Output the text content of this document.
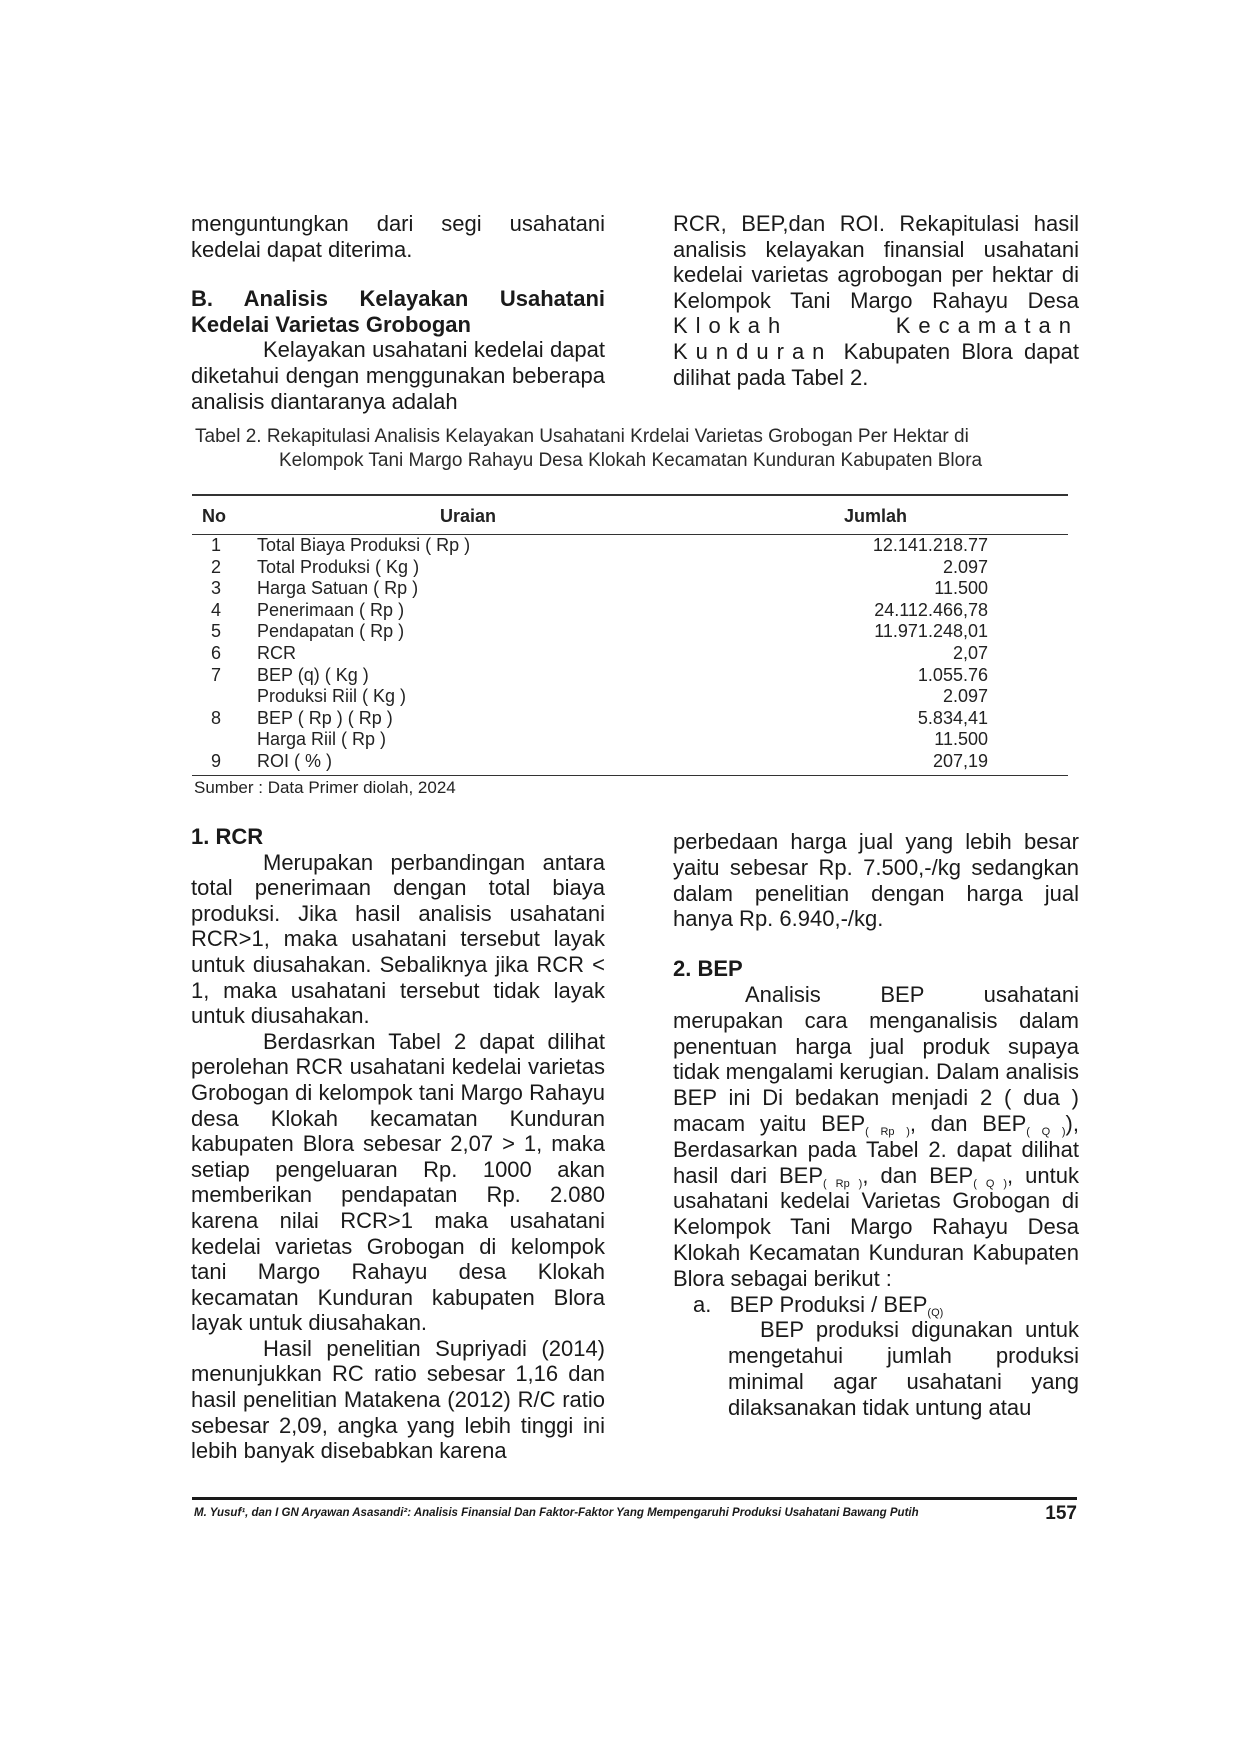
menguntungkan dari segi usahatani kedelai dapat diterima.

B. Analisis Kelayakan Usahatani Kedelai Varietas Grobogan

Kelayakan usahatani kedelai dapat diketahui dengan menggunakan beberapa analisis diantaranya adalah

RCR, BEP,dan ROI. Rekapitulasi hasil analisis kelayakan finansial usahatani kedelai varietas agrobogan per hektar di Kelompok Tani Margo Rahayu Desa Klokah Kecamatan Kunduran Kabupaten Blora dapat dilihat pada Tabel 2.

Tabel 2. Rekapitulasi Analisis Kelayakan Usahatani Krdelai Varietas Grobogan Per Hektar di
Kelompok Tani Margo Rahayu Desa Klokah Kecamatan Kunduran Kabupaten Blora
No	Uraian	Jumlah
1 Total Biaya Produksi ( Rp )	12.141.218.77
2 Total Produksi ( Kg )	2.097
3 Harga Satuan ( Rp )	11.500
4 Penerimaan ( Rp )	24.112.466,78
5 Pendapatan ( Rp )	11.971.248,01
6 RCR	2,07
7 BEP (q) ( Kg )	1.055.76
Produksi Riil ( Kg )	2.097
8 BEP ( Rp ) ( Rp )	5.834,41
Harga Riil ( Rp )	11.500
9 ROI ( % )	207,19
Sumber : Data Primer diolah, 2024

1. RCR

Merupakan perbandingan antara total penerimaan dengan total biaya produksi. Jika hasil analisis usahatani RCR>1, maka usahatani tersebut layak untuk diusahakan. Sebaliknya jika RCR < 1, maka usahatani tersebut tidak layak untuk diusahakan.

Berdasrkan Tabel 2 dapat dilihat perolehan RCR usahatani kedelai varietas Grobogan di kelompok tani Margo Rahayu desa Klokah kecamatan Kunduran kabupaten Blora sebesar 2,07 > 1, maka setiap pengeluaran Rp. 1000 akan memberikan pendapatan Rp. 2.080 karena nilai RCR>1 maka usahatani kedelai varietas Grobogan di kelompok tani Margo Rahayu desa Klokah kecamatan Kunduran kabupaten Blora layak untuk diusahakan.

Hasil penelitian Supriyadi (2014) menunjukkan RC ratio sebesar 1,16 dan hasil penelitian Matakena (2012) R/C ratio sebesar 2,09, angka yang lebih tinggi ini lebih banyak disebabkan karena

perbedaan harga jual yang lebih besar yaitu sebesar Rp. 7.500,-/kg sedangkan dalam penelitian dengan harga jual hanya Rp. 6.940,-/kg.

2. BEP

Analisis BEP usahatani merupakan cara menganalisis dalam penentuan harga jual produk supaya tidak mengalami kerugian. Dalam analisis BEP ini Di bedakan menjadi 2 ( dua ) macam yaitu $BEP_{( Rp )}$, dan $BEP_{( Q )}$), Berdasarkan pada Tabel 2. dapat dilihat hasil dari $BEP_{( Rp )}$, dan $BEP_{( Q )}$, untuk usahatani kedelai Varietas Grobogan di Kelompok Tani Margo Rahayu Desa Klokah Kecamatan Kunduran Kabupaten Blora sebagai berikut :

a. BEP Produksi / $BEP_{(Q)}$

BEP produksi digunakan untuk mengetahui jumlah produksi minimal agar usahatani yang dilaksanakan tidak untung atau

M. Yusuf¹, dan I GN Aryawan Asasandi²: Analisis Finansial Dan Faktor-Faktor Yang Mempengaruhi Produksi Usahatani Bawang Putih	157
